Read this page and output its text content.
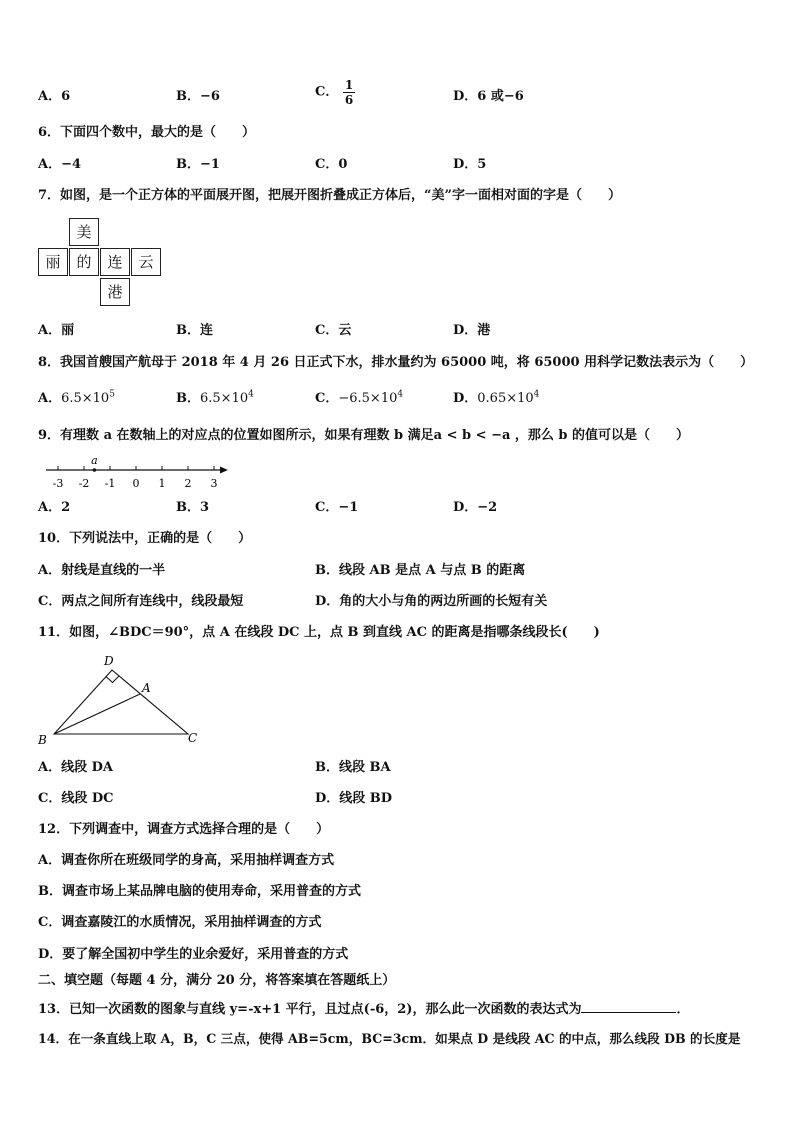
A．6	B．−6	C． $\frac{1}{6}$	D．6 或−6
6．下面四个数中，最大的是（　　）
A．−4	B．−1	C．0	D．5
7．如图，是一个正方体的平面展开图，把展开图折叠成正方体后，“美”字一面相对面的字是（　　）
美
丽	的	连	云
港
A．丽	B．连	C．云	D．港
8．我国首艘国产航母于 2018 年 4 月 26 日正式下水，排水量约为 65000 吨，将 65000 用科学记数法表示为（　　）
A．$6.5\times 10^5$	B．$6.5\times 10^4$	C．$-6.5\times 10^4$	D．$0.65\times 10^4$
9．有理数 a 在数轴上的对应点的位置如图所示，如果有理数 b 满足a < b < −a ，那么 b 的值可以是（　　）
-3 -2 -1 0 1 2 3
a
A．2	B．3	C．−1	D．−2
10．下列说法中，正确的是（　　）
A．射线是直线的一半	B．线段 AB 是点 A 与点 B 的距离
C．两点之间所有连线中，线段最短	D．角的大小与角的两边所画的长短有关
11．如图，∠BDC＝90°，点 A 在线段 DC 上，点 B 到直线 AC 的距离是指哪条线段长(　　)
D
A
B	C
A．线段 DA	B．线段 BA
C．线段 DC	D．线段 BD
12．下列调查中，调查方式选择合理的是（　　）
A．调查你所在班级同学的身高，采用抽样调查方式
B．调查市场上某品牌电脑的使用寿命，采用普查的方式
C．调查嘉陵江的水质情况，采用抽样调查的方式
D．要了解全国初中学生的业余爱好，采用普查的方式
二、填空题（每题 4 分，满分 20 分，将答案填在答题纸上）
13．已知一次函数的图象与直线 y=-x+1 平行，且过点(-6，2)，那么此一次函数的表达式为	．
14．在一条直线上取 A，B，C 三点，使得 AB=5cm，BC=3cm．如果点 D 是线段 AC 的中点，那么线段 DB 的长度是
